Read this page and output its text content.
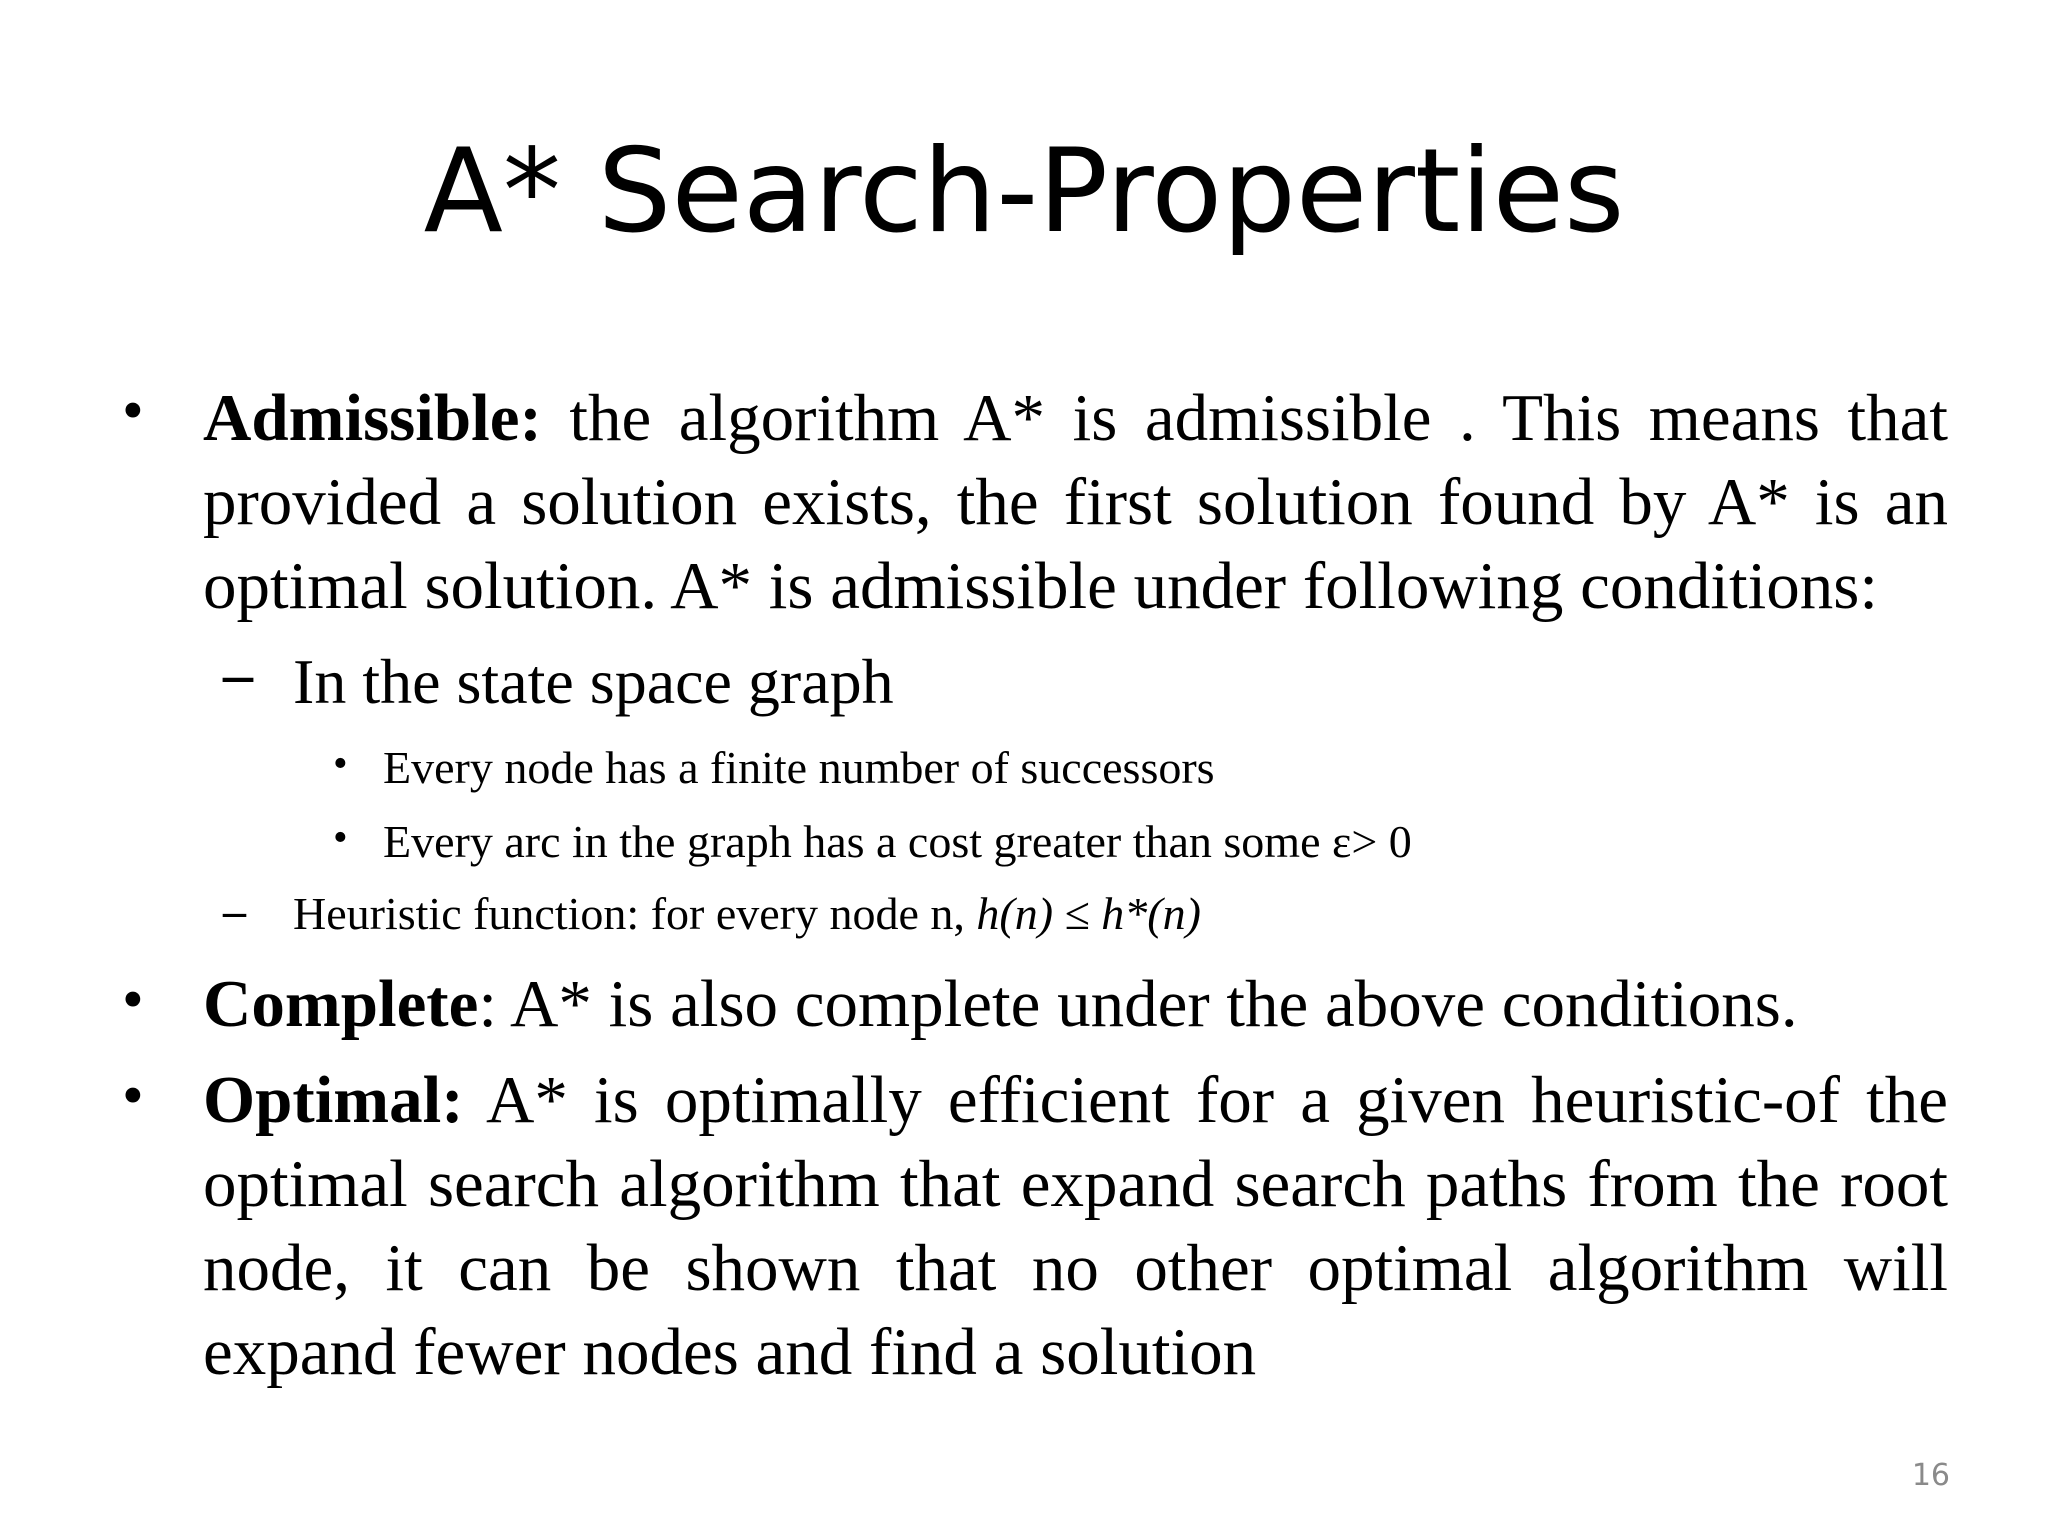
A* Search-Properties
• Admissible: the algorithm A* is admissible . This means that provided a solution exists, the first solution found by A* is an optimal solution. A* is admissible under following conditions:

– In the state space graph
• Every node has a finite number of successors
• Every arc in the graph has a cost greater than some ε> 0
– Heuristic function: for every node n, h(n) ≤ h*(n)
• Complete: A* is also complete under the above conditions.

• Optimal: A* is optimally efficient for a given heuristic-of the optimal search algorithm that expand search paths from the root node, it can be shown that no other optimal algorithm will expand fewer nodes and find a solution

16
